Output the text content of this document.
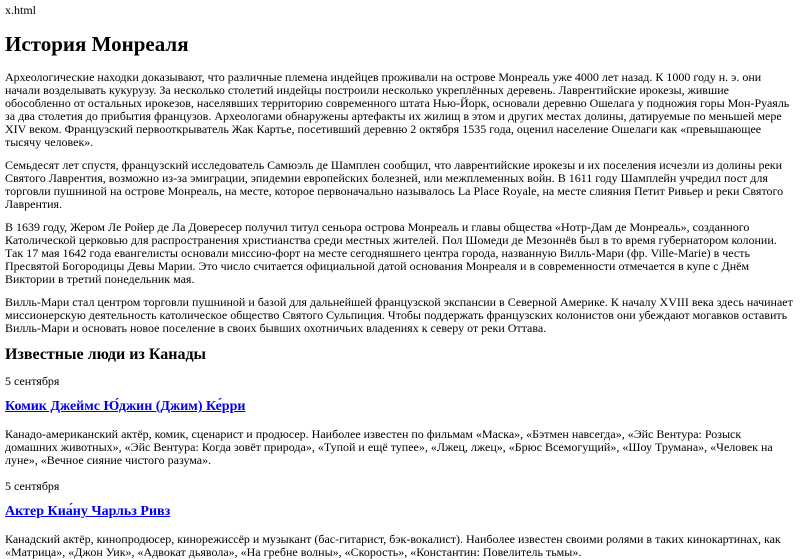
x.html
История Монреаля

Археологические находки доказывают, что различные племена индейцев проживали на острове Монреаль уже 4000 лет назад. К 1000 году н. э. они начали возделывать кукурузу. За несколько столетий индейцы построили несколько укреплённых деревень. Лаврентийские ирокезы, жившие обособленно от остальных ирокезов, населявших территорию современного штата Нью-Йорк, основали деревню Ошелага у подножия горы Мон-Руаяль за два столетия до прибытия французов. Археологами обнаружены артефакты их жилищ в этом и других местах долины, датируемые по меньшей мере XIV веком. Французский первооткрыватель Жак Картье, посетивший деревню 2 октября 1535 года, оценил население Ошелаги как «превышающее тысячу человек».

Семьдесят лет спустя, французский исследователь Самюэль де Шамплен сообщил, что лаврентийские ирокезы и их поселения исчезли из долины реки Святого Лаврентия, возможно из-за эмиграции, эпидемии европейских болезней, или межплеменных войн. В 1611 году Шамплейн учредил пост для торговли пушниной на острове Монреаль, на месте, которое первоначально называлось La Place Royale, на месте слияния Петит Ривьер и реки Святого Лаврентия.

В 1639 году, Жером Ле Ройер де Ла Довересер получил титул сеньора острова Монреаль и главы общества «Нотр-Дам де Монреаль», созданного Католической церковью для распространения христианства среди местных жителей. Пол Шомеди де Мезоннёв был в то время губернатором колонии. Так 17 мая 1642 года евангелисты основали миссию-форт на месте сегодняшнего центра города, названную Вилль-Мари (фр. Ville-Marie) в честь Пресвятой Богородицы Девы Марии. Это число считается официальной датой основания Монреаля и в современности отмечается в купе с Днём Виктории в третий понедельник мая.

Вилль-Мари стал центром торговли пушниной и базой для дальнейшей французской экспансии в Северной Америке. К началу XVIII века здесь начинает миссионерскую деятельность католическое общество Святого Сульпиция. Чтобы поддержать французских колонистов они убеждают могавков оставить Вилль-Мари и основать новое поселение в своих бывших охотничьих владениях к северу от реки Оттава.

Известные люди из Канады
5 сентября
Комик Джеймс Ю́джин (Джим) Ке́рри
Канадо-американский актёр, комик, сценарист и продюсер. Наиболее известен по фильмам «Маска», «Бэтмен навсегда», «Эйс Вентура: Розыск домашних животных», «Эйс Вентура: Когда зовёт природа», «Тупой и ещё тупее», «Лжец, лжец», «Брюс Всемогущий», «Шоу Трумана», «Человек на луне», «Вечное сияние чистого разума».
5 сентября
Актер Киа́ну Чарльз Ривз
Канадский актёр, кинопродюсер, кинорежиссёр и музыкант (бас-гитарист, бэк-вокалист). Наиболее известен своими ролями в таких кинокартинах, как «Матрица», «Джон Уик», «Адвокат дьявола», «На гребне волны», «Скорость», «Константин: Повелитель тьмы».
